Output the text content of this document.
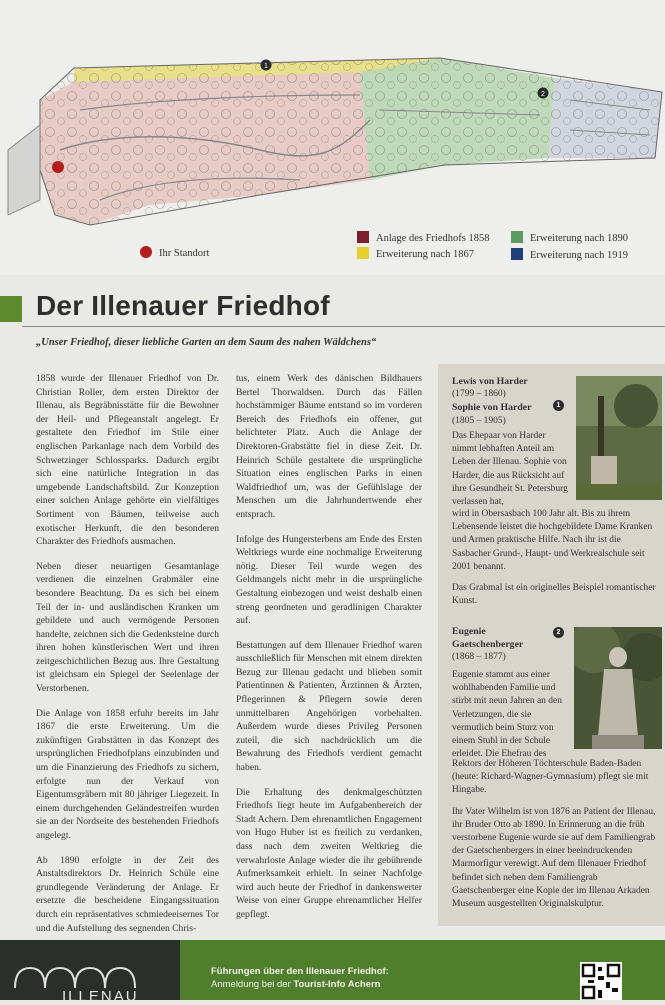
1
2
Ihr Standort
Anlage des Friedhofs 1858
Erweiterung nach 1867
Erweiterung nach 1890
Erweiterung nach 1919
Der Illenauer Friedhof
„Unser Friedhof, dieser liebliche Garten an dem Saum des nahen Wäldchens“

1858 wurde der Illenauer Friedhof von Dr. Christian Roller, dem ersten Direktor der Illenau, als Begräbnisstätte für die Bewohner der Heil- und Pflegeanstalt angelegt. Er gestaltete den Friedhof im Stile einer englischen Parkanlage nach dem Vorbild des Schwetzinger Schlossparks. Dadurch ergibt sich eine natürliche Integration in das umgebende Landschaftsbild. Zur Konzeption einer solchen Anlage gehörte ein vielfältiges Sortiment von Bäumen, teilweise auch exotischer Herkunft, die den besonderen Charakter des Friedhofs ausmachen.

Neben dieser neuartigen Gesamtanlage verdienen die einzelnen Grabmäler eine besondere Beachtung. Da es sich bei einem Teil der in- und ausländischen Kranken um gebildete und auch vermögende Personen handelte, zeichnen sich die Gedenksteine durch ihren hohen künstlerischen Wert und ihren zeitgeschichtlichen Bezug aus. Ihre Gestaltung ist gleichsam ein Spiegel der Seelenlage der Verstorbenen.

Die Anlage von 1858 erfuhr bereits im Jahr 1867 die erste Erweiterung. Um die zukünftigen Grabstätten in das Konzept des ursprünglichen Friedhofplans einzubinden und um die Finanzierung des Friedhofs zu sichern, erfolgte nun der Verkauf von Eigentumsgräbern mit 80 jähriger Liegezeit. In einem durchgehenden Geländestreifen wurden sie an der Nordseite des bestehenden Friedhofs angelegt.

Ab 1890 erfolgte in der Zeit des Anstaltsdirektors Dr. Heinrich Schüle eine grundlegende Veränderung der Anlage. Er ersetzte die bescheidene Eingangssituation durch ein repräsentatives schmiedeeisernes Tor und die Aufstellung des segnenden Chris-

tus, einem Werk des dänischen Bildhauers Bertel Thorwaldsen. Durch das Fällen hochstämmiger Bäume entstand so im vorderen Bereich des Friedhofs ein offener, gut belichteter Platz. Auch die Anlage der Direktoren-Grabstätte fiel in diese Zeit. Dr. Heinrich Schüle gestaltete die ursprüngliche Situation eines englischen Parks in einen Waldfriedhof um, was der Gefühlslage der Menschen um die Jahrhundertwende eher entsprach.

Infolge des Hungersterbens am Ende des Ersten Weltkriegs wurde eine nochmalige Erweiterung nötig. Dieser Teil wurde wegen des Geldmangels nicht mehr in die ursprüngliche Gestaltung einbezogen und weist deshalb einen streng geordneten und geradlinigen Charakter auf.

Bestattungen auf dem Illenauer Friedhof waren ausschließlich für Menschen mit einem direkten Bezug zur Illenau gedacht und blieben somit Patientinnen & Patienten, Ärztinnen & Ärzten, Pflegerinnen & Pflegern sowie deren unmittelbaren Angehörigen vorbehalten. Außerdem wurde dieses Privileg Personen zuteil, die sich nachdrücklich um die Bewahrung des Friedhofs verdient gemacht haben.

Die Erhaltung des denkmalgeschützten Friedhofs liegt heute im Aufgabenbereich der Stadt Achern. Dem ehrenamtlichen Engagement von Hugo Huber ist es freilich zu verdanken, dass nach dem zweiten Weltkrieg die verwahrloste Anlage wieder die ihr gebührende Aufmerksamkeit erhielt. In seiner Nachfolge wird auch heute der Friedhof in dankenswerter Weise von einer Gruppe ehrenamtlicher Helfer gepflegt.

Lewis von Harder
(1799 – 1860)
Sophie von Harder
(1805 – 1905)
1
Das Ehepaar von Harder nimmt lebhaften Anteil am Leben der Illenau. Sophie von Harder, die aus Rücksicht auf ihre Gesundheit St. Petersburg verlassen hat,

wird in Obersasbach 100 Jahr alt. Bis zu ihrem Lebensende leistet die hochgebildete Dame Kranken und Armen praktische Hilfe. Nach ihr ist die Sasbacher Grund-, Haupt- und Werkrealschule seit 2001 benannt.

Das Grabmal ist ein originelles Beispiel romantischer Kunst.

Eugenie
Gaetschenberger
(1868 – 1877)
2
Eugenie stammt aus einer wohlhabenden Familie und stirbt mit neun Jahren an den Verletzungen, die sie vermutlich beim Sturz von einem Stuhl in der Schule erleidet. Die Ehefrau des

Rektors der Höheren Töchterschule Baden-Baden (heute: Richard-Wagner-Gymnasium) pflegt sie mit Hingabe.

Ihr Vater Wilhelm ist von 1876 an Patient der Illenau, ihr Bruder Otto ab 1890. In Erinnerung an die früh verstorbene Eugenie wurde sie auf dem Familiengrab der Gaetschenbergers in einer beeindruckenden Marmorfigur verewigt. Auf dem Illenauer Friedhof befindet sich neben dem Familiengrab Gaetschenberger eine Kopie der im Illenau Arkaden Museum ausgestellten Originalskulptur.

ILLENAU
Führungen über den Illenauer Friedhof:
Anmeldung bei der Tourist-Info Achern
